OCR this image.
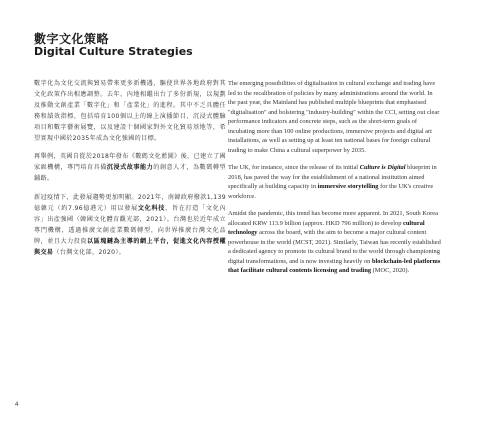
數字文化策略
Digital Culture Strategies

數字化為文化交流與貿易帶來更多新機遇，驅使世界各地政府對其文化政策作出相應調整。去年，內地相繼出台了多份新規，以規劃及推動文創產業「數字化」和「產業化」的進程。其中不乏具體任務和績效指標，包括培育100個以上的線上演播節目、沉浸式體驗項目和數字藝術展覽，以及建設十個國家對外文化貿易基地等，希望實現中國於2035年成為文化強國的目標。

再舉例，英國自從於2018年發布《數碼文化藍圖》後，已建立了國家級機構，專門培育具備沉浸式故事能力的創意人才，為數碼轉型鋪路。

新冠疫情下，此發展趨勢更加明顯。2021年，南韓政府撥款1,139億韓元（約7.96億港元）用以發展文化科技，旨在打造「文化內容」出產強國（韓國文化體育觀光部，2021）。台灣也於近年成立專門機構，透過推廣文創產業數碼轉型，向世界推廣台灣文化品牌，並且大力投資以區塊鏈為主導的網上平台，促進文化內容授權與交易（台灣文化部，2020）。

The emerging possibilities of digitalisation in cultural exchange and trading have led to the recalibration of policies by many administrations around the world. In the past year, the Mainland has published multiple blueprints that emphasised "digitalisation" and bolstering "industry-building" within the CCI, setting out clear performance indicators and concrete steps, such as the short-term goals of incubating more than 100 online productions, immersive projects and digital art installations, as well as setting up at least ten national bases for foreign cultural trading to make China a cultural superpower by 2035.

The UK, for instance, since the release of its initial Culture is Digital blueprint in 2018, has paved the way for the establishment of a national institution aimed specifically at building capacity in immersive storytelling for the UK's creative workforce.

Amidst the pandemic, this trend has become more apparent. In 2021, South Korea allocated KRW 113.9 billion (approx. HKD 796 million) to develop cultural technology across the board, with the aim to become a major cultural content powerhouse in the world (MCST, 2021). Similarly, Taiwan has recently established a dedicated agency to promote its cultural brand to the world through championing digital transformations, and is now investing heavily on blockchain-led platforms that facilitate cultural contents licensing and trading (MOC, 2020).

4
